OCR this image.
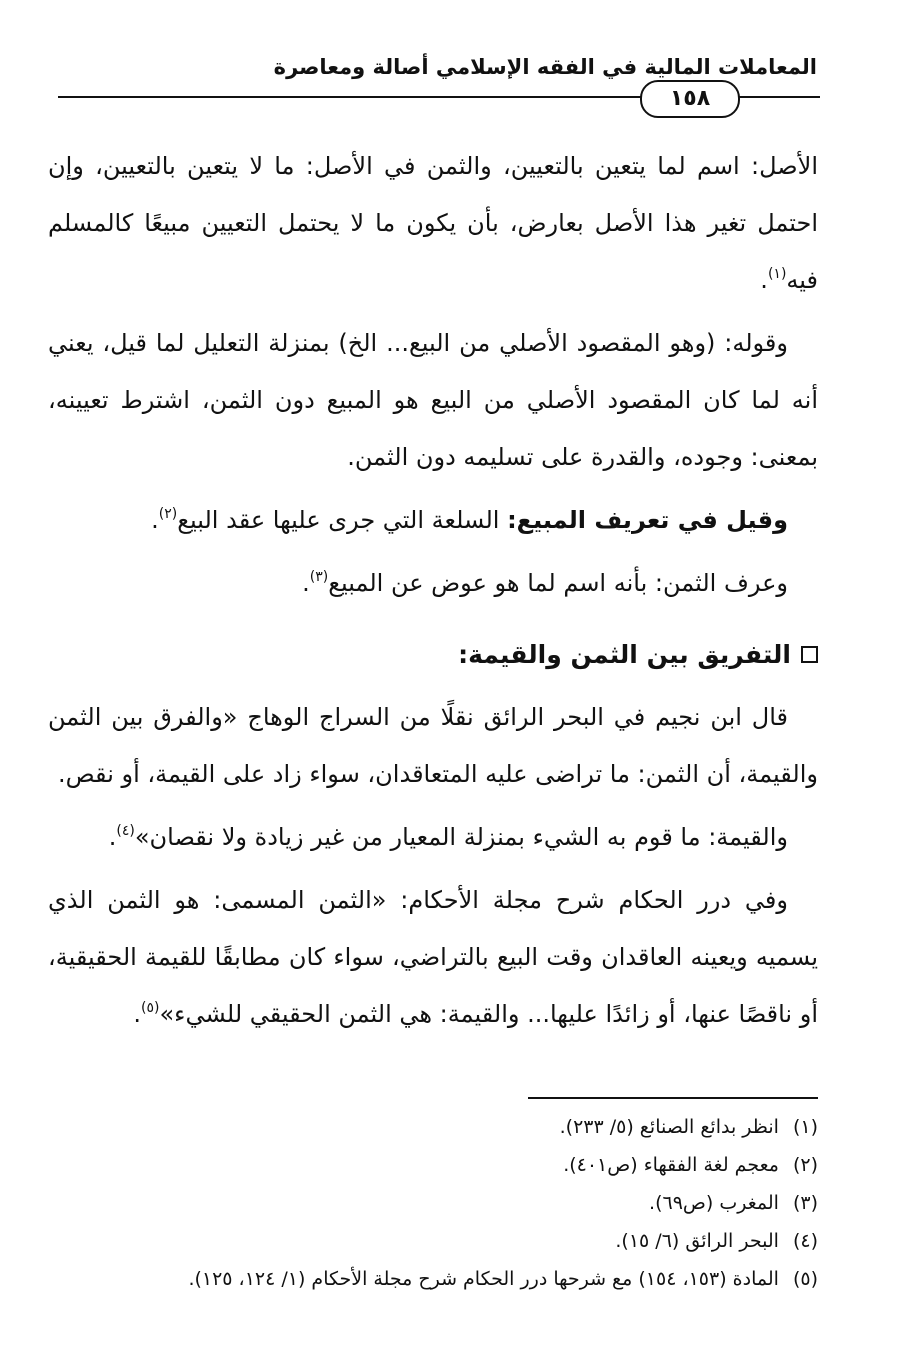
المعاملات المالية في الفقه الإسلامي أصالة ومعاصرة
١٥٨

الأصل: اسم لما يتعين بالتعيين، والثمن في الأصل: ما لا يتعين بالتعيين، وإن احتمل تغير هذا الأصل بعارض، بأن يكون ما لا يحتمل التعيين مبيعًا كالمسلم فيه$^{(١)}$.

وقوله: (وهو المقصود الأصلي من البيع... الخ) بمنزلة التعليل لما قيل، يعني أنه لما كان المقصود الأصلي من البيع هو المبيع دون الثمن، اشترط تعيينه، بمعنى: وجوده، والقدرة على تسليمه دون الثمن.

وقيل في تعريف المبيع: السلعة التي جرى عليها عقد البيع$^{(٢)}$.

وعرف الثمن: بأنه اسم لما هو عوض عن المبيع$^{(٣)}$.

التفريق بين الثمن والقيمة:

قال ابن نجيم في البحر الرائق نقلًا من السراج الوهاج «والفرق بين الثمن والقيمة، أن الثمن: ما تراضى عليه المتعاقدان، سواء زاد على القيمة، أو نقص.

والقيمة: ما قوم به الشيء بمنزلة المعيار من غير زيادة ولا نقصان»$^{(٤)}$.

وفي درر الحكام شرح مجلة الأحكام: «الثمن المسمى: هو الثمن الذي يسميه ويعينه العاقدان وقت البيع بالتراضي، سواء كان مطابقًا للقيمة الحقيقية، أو ناقصًا عنها، أو زائدًا عليها... والقيمة: هي الثمن الحقيقي للشيء»$^{(٥)}$.

(١)انظر بدائع الصنائع (٥/ ٢٣٣).
(٢)معجم لغة الفقهاء (ص٤٠١).
(٣)المغرب (ص٦٩).
(٤)البحر الرائق (٦/ ١٥).
(٥)المادة (١٥٣، ١٥٤) مع شرحها درر الحكام شرح مجلة الأحكام (١/ ١٢٤، ١٢٥).
